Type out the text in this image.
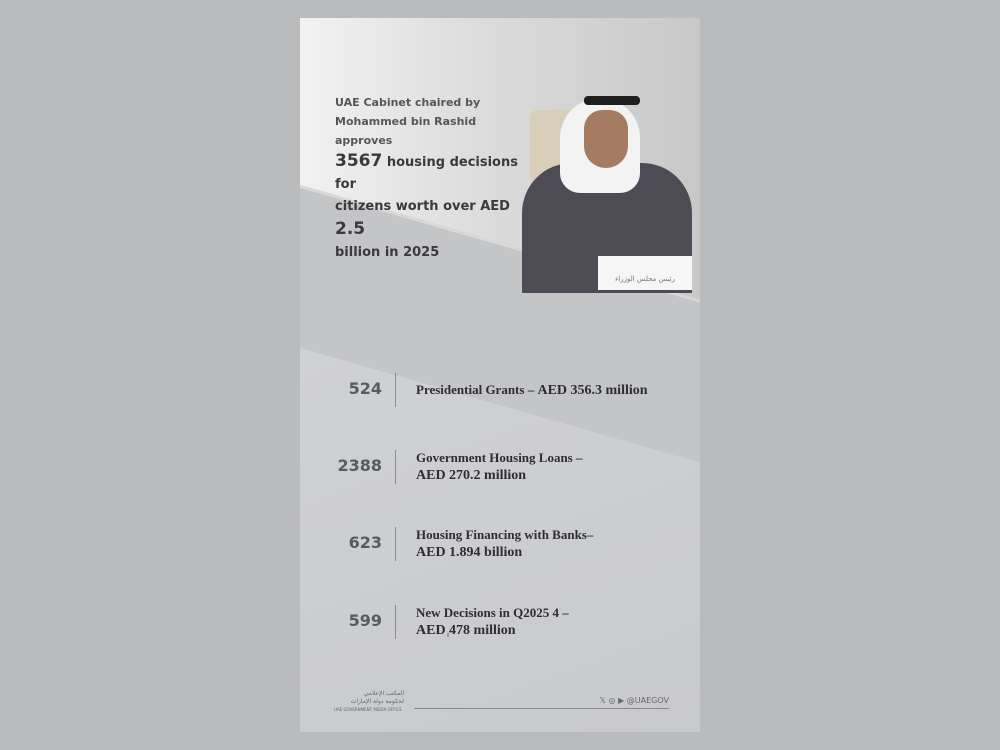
رئيس مجلس الوزراء
UAE Cabinet chaired by
Mohammed bin Rashid approves
3567 housing decisions for
citizens worth over AED 2.5
billion in 2025
524	Presidential Grants – AED 356.3 million
2388	Government Housing Loans –
AED 270.2 million
623	Housing Financing with Banks–
AED 1.894 billion
599	New Decisions in Q2025 4 –
AED 478 million
المكتب الإعلامي
لحكومة دولة الإمارات
UAE GOVERNMENT MEDIA OFFICE
𝕏 ◎ ▶ @UAEGOV
